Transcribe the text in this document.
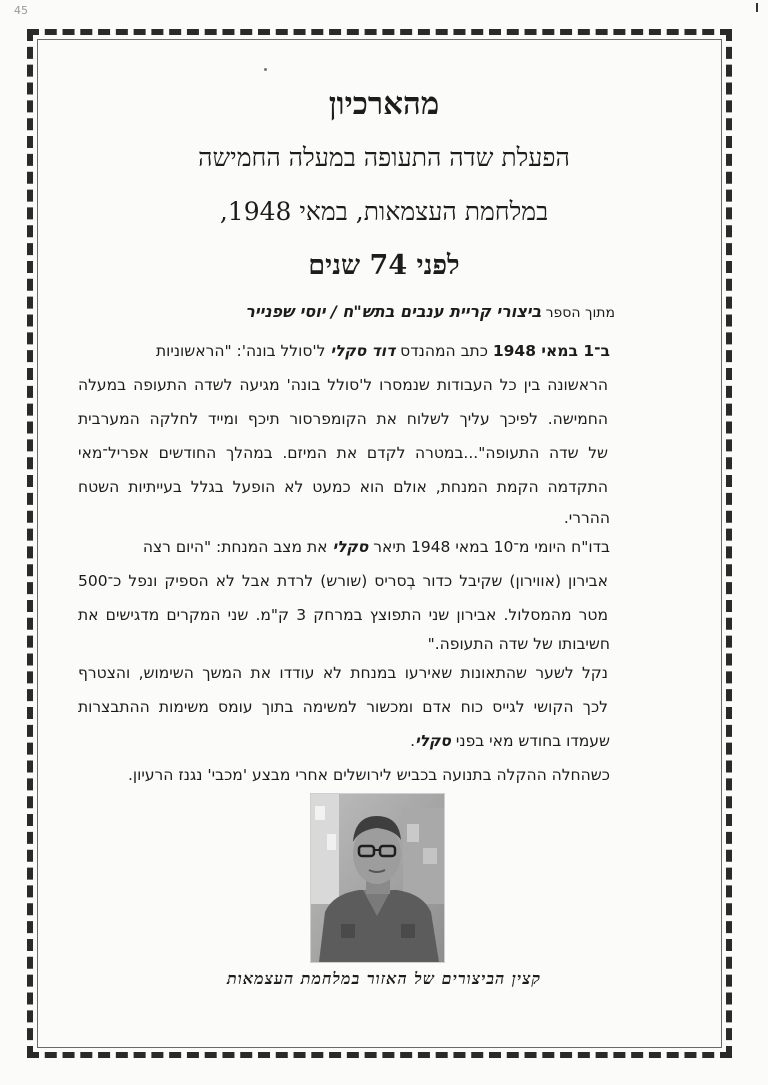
45
מהארכיון
הפעלת שדה התעופה במעלה החמישה
במלחמת העצמאות, במאי 1948,
לפני 74 שנים
מתוך הספר ביצורי קריית ענבים בתש"ח / יוסי שפנייר
ב־1 במאי 1948 כתב המהנדס דוד סקלי ל'סולל בונה': "הראשוניות
הראשונה בין כל העבודות שנמסרו ל'סולל בונה' מגיעה לשדה התעופה במעלה
החמישה. לפיכך עליך לשלוח את הקומפרסור תיכף ומייד לחלקה המערבית
של שדה התעופה"...במטרה לקדם את המיזם. במהלך החודשים אפריל־מאי
התקדמה הקמת המנחת, אולם הוא כמעט לא הופעל בגלל בעייתיות השטח
ההררי.
בדו"ח היומי מ־10 במאי 1948 תיאר סקלי את מצב המנחת: "היום רצה
אבירון (אווירון) שקיבל כדור בְסריס (שורש) לרדת אבל לא הספיק ונפל כ־500
מטר מהמסלול. אבירון שני התפוצץ במרחק 3 ק"מ. שני המקרים מדגישים את
חשיבותו של שדה התעופה."
נקל לשער שהתאונות שאירעו במנחת לא עודדו את המשך השימוש, והצטרף
לכך הקושי לגייס כוח אדם ומכשור למשימה בתוך עומס משימות ההתבצרות
שעמדו בחודש מאי בפני סקלי.
כשהחלה ההקלה בתנועה בכביש לירושלים אחרי מבצע 'מכבי' נגנז הרעיון.
קצין הביצורים של האזור במלחמת העצמאות
